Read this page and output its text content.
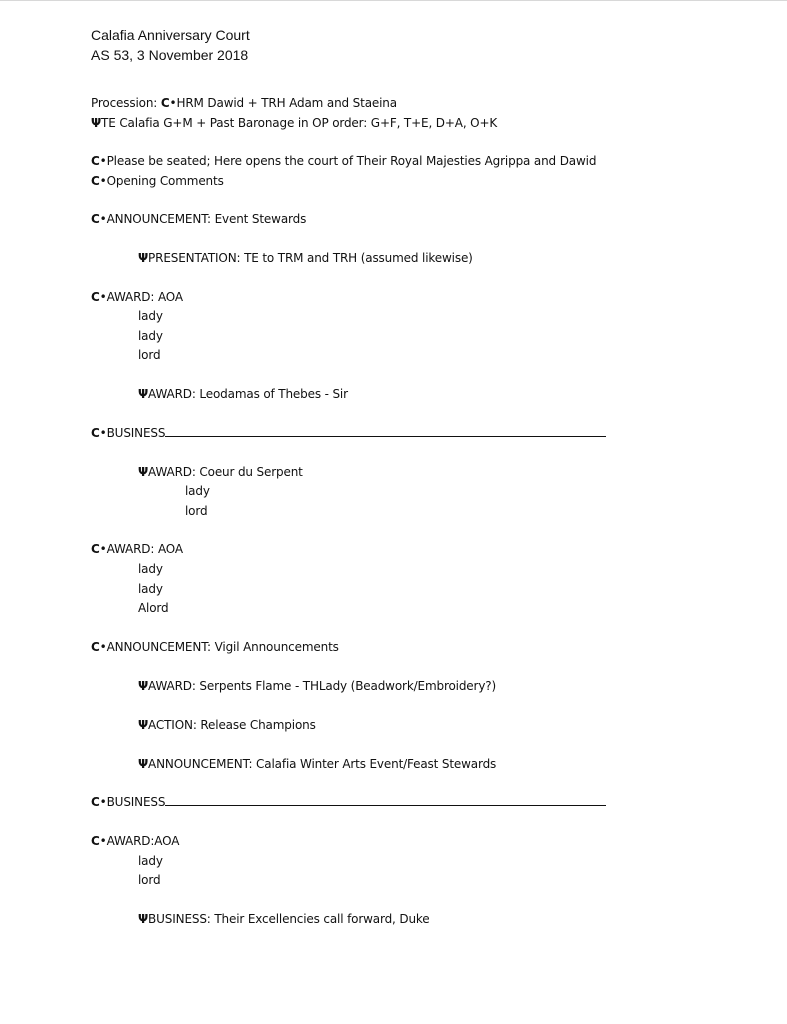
Calafia Anniversary Court
AS 53, 3 November 2018
Procession: C•HRM Dawid + TRH Adam and Staeina
ΨTE Calafia G+M + Past Baronage in OP order: G+F, T+E, D+A, O+K
C•Please be seated; Here opens the court of Their Royal Majesties Agrippa and Dawid
C•Opening Comments
C•ANNOUNCEMENT: Event Stewards
ΨPRESENTATION: TE to TRM and TRH (assumed likewise)
C•AWARD: AOA
lady
lady
lord
ΨAWARD: Leodamas of Thebes - Sir
C•BUSINESS
ΨAWARD: Coeur du Serpent
lady
lord
C•AWARD: AOA
lady
lady
Alord
C•ANNOUNCEMENT: Vigil Announcements
ΨAWARD: Serpents Flame - THLady (Beadwork/Embroidery?)
ΨACTION: Release Champions
ΨANNOUNCEMENT: Calafia Winter Arts Event/Feast Stewards
C•BUSINESS
C•AWARD:AOA
lady
lord
ΨBUSINESS: Their Excellencies call forward, Duke
